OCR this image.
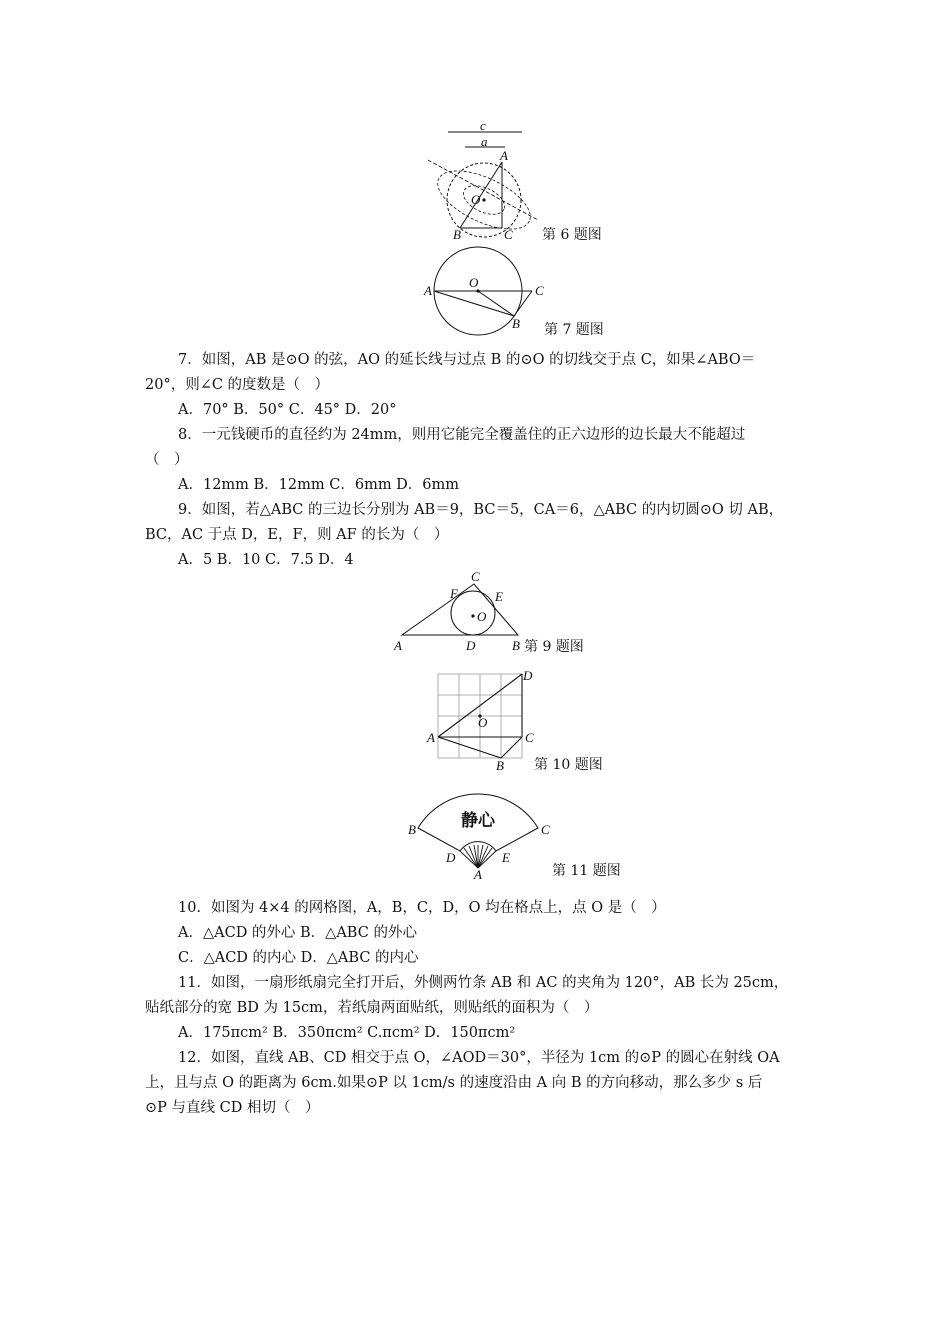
c
a
A
O
B	C 第 6 题图
A
O
B
C
第 7 题图

7．如图，AB 是⊙O 的弦，AO 的延长线与过点 B 的⊙O 的切线交于点 C，如果∠ABO＝

20°，则∠C 的度数是（　）

A．70° B．50° C．45° D．20°

8．一元钱硬币的直径约为 24mm，则用它能完全覆盖住的正六边形的边长最大不能超过

（　）

A．12mm B．12mm C．6mm D．6mm

9．如图，若△ABC 的三边长分别为 AB＝9，BC＝5，CA＝6，△ABC 的内切圆⊙O 切 AB，

BC，AC 于点 D，E，F，则 AF 的长为（　）

A．5 B．10 C．7.5 D．4

A	B
C
D
E
F
O
第 9 题图
A
B
C
D
O
第 10 题图
静心
B	C
D	E
A	第 11 题图

10．如图为 4×4 的网格图，A，B，C，D，O 均在格点上，点 O 是（　）

A．△ACD 的外心 B．△ABC 的外心

C．△ACD 的内心 D．△ABC 的内心

11．如图，一扇形纸扇完全打开后，外侧两竹条 AB 和 AC 的夹角为 120°，AB 长为 25cm，

贴纸部分的宽 BD 为 15cm，若纸扇两面贴纸，则贴纸的面积为（　）

A．175πcm² B．350πcm² C.πcm² D．150πcm²

12．如图，直线 AB、CD 相交于点 O，∠AOD＝30°，半径为 1cm 的⊙P 的圆心在射线 OA

上，且与点 O 的距离为 6cm.如果⊙P 以 1cm/s 的速度沿由 A 向 B 的方向移动，那么多少 s 后

⊙P 与直线 CD 相切（　）
